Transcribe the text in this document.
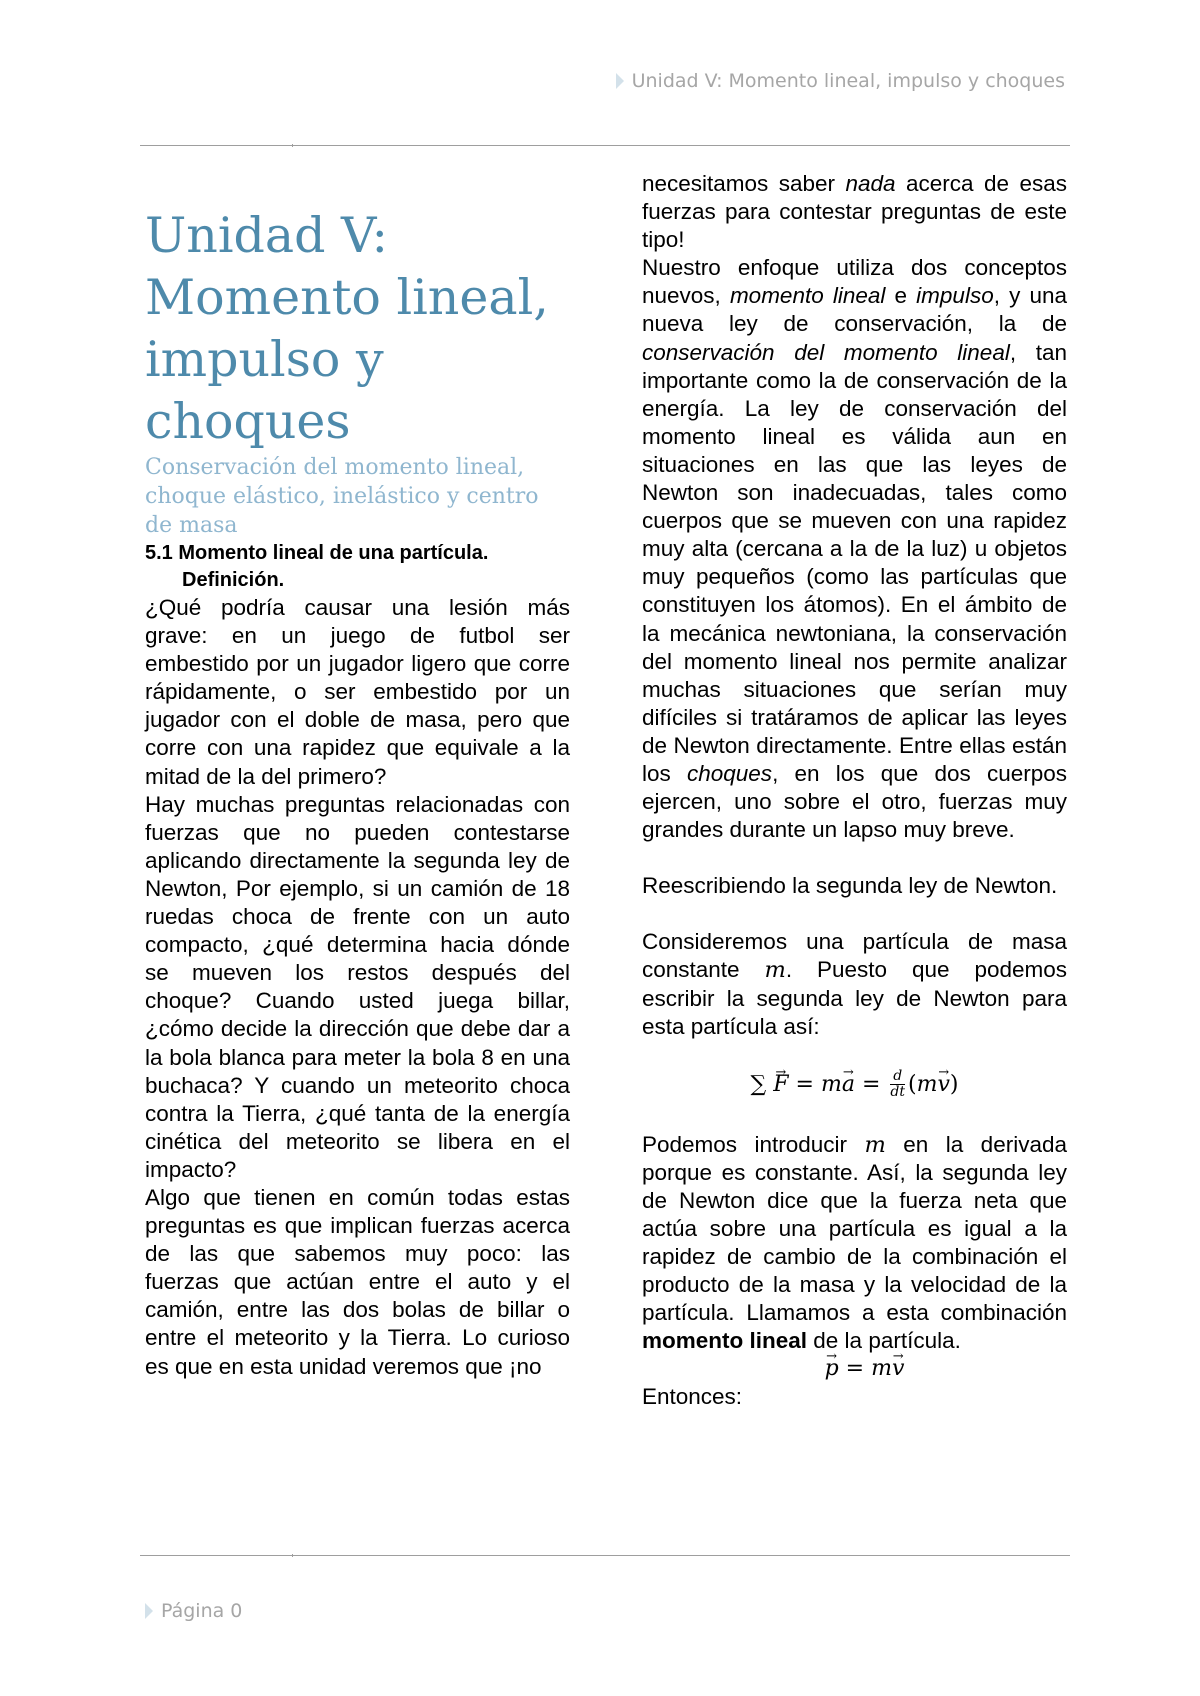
Unidad V: Momento lineal, impulso y choques
Unidad V: Momento lineal, impulso y choques

Conservación del momento lineal, choque elástico, inelástico y centro de masa

5.1 Momento lineal de una partícula. Definición.

¿Qué podría causar una lesión más grave: en un juego de futbol ser embestido por un jugador ligero que corre rápidamente, o ser embestido por un jugador con el doble de masa, pero que corre con una rapidez que equivale a la mitad de la del primero?

Hay muchas preguntas relacionadas con fuerzas que no pueden contestarse aplicando directamente la segunda ley de Newton, Por ejemplo, si un camión de 18 ruedas choca de frente con un auto compacto, ¿qué determina hacia dónde se mueven los restos después del choque? Cuando usted juega billar, ¿cómo decide la dirección que debe dar a la bola blanca para meter la bola 8 en una buchaca? Y cuando un meteorito choca contra la Tierra, ¿qué tanta de la energía cinética del meteorito se libera en el impacto?

Algo que tienen en común todas estas preguntas es que implican fuerzas acerca de las que sabemos muy poco: las fuerzas que actúan entre el auto y el camión, entre las dos bolas de billar o entre el meteorito y la Tierra. Lo curioso es que en esta unidad veremos que ¡no

necesitamos saber nada acerca de esas fuerzas para contestar preguntas de este tipo!

Nuestro enfoque utiliza dos conceptos nuevos, momento lineal e impulso, y una nueva ley de conservación, la de conservación del momento lineal, tan importante como la de conservación de la energía. La ley de conservación del momento lineal es válida aun en situaciones en las que las leyes de Newton son inadecuadas, tales como cuerpos que se mueven con una rapidez muy alta (cercana a la de la luz) u objetos muy pequeños (como las partículas que constituyen los átomos). En el ámbito de la mecánica newtoniana, la conservación del momento lineal nos permite analizar muchas situaciones que serían muy difíciles si tratáramos de aplicar las leyes de Newton directamente. Entre ellas están los choques, en los que dos cuerpos ejercen, uno sobre el otro, fuerzas muy grandes durante un lapso muy breve.

Reescribiendo la segunda ley de Newton.

Consideremos una partícula de masa constante m. Puesto que podemos escribir la segunda ley de Newton para esta partícula así:

∑
F →
=
m a →
=
$\frac{d}{dt}$ ( m v → )

Podemos introducir m en la derivada porque es constante. Así, la segunda ley de Newton dice que la fuerza neta que actúa sobre una partícula es igual a la rapidez de cambio de la combinación el producto de la masa y la velocidad de la partícula. Llamamos a esta combinación momento lineal de la partícula.

p → = mv →

Entonces:

Página 0
